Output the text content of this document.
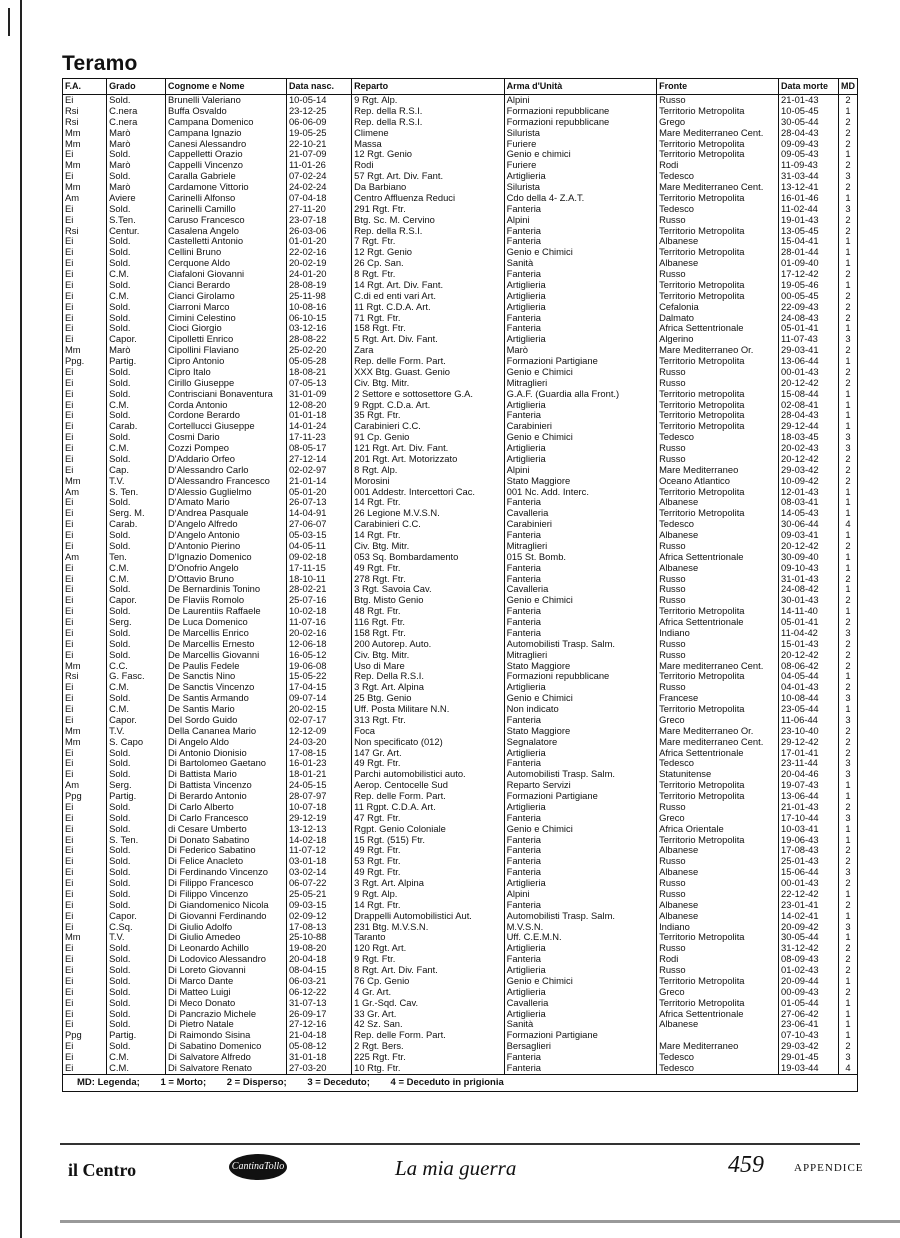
Teramo
F.A.	Grado	Cognome e Nome	Data nasc.	Reparto	Arma d'Unità	Fronte	Data morte	MD
Ei	Sold.	Brunelli Valeriano	10-05-14	9 Rgt. Alp.	Alpini	Russo	21-01-43	2
Rsi	C.nera	Buffa Osvaldo	23-12-25	Rep. della R.S.I.	Formazioni repubblicane	Territorio Metropolita	10-05-45	1
Rsi	C.nera	Campana Domenico	06-06-09	Rep. della R.S.I.	Formazioni repubblicane	Grego	30-05-44	2
Mm	Marò	Campana Ignazio	19-05-25	Climene	Silurista	Mare Mediterraneo Cent.	28-04-43	2
Mm	Marò	Canesi Alessandro	22-10-21	Massa	Furiere	Territorio Metropolita	09-09-43	2
Ei	Sold.	Cappelletti Orazio	21-07-09	12 Rgt. Genio	Genio e chimici	Territorio Metropolita	09-05-43	1
Mm	Marò	Cappelli Vincenzo	11-01-26	Rodi	Furiere	Rodi	11-09-43	2
Ei	Sold.	Caralla Gabriele	07-02-24	57 Rgt. Art. Div. Fant.	Artiglieria	Tedesco	31-03-44	3
Mm	Marò	Cardamone Vittorio	24-02-24	Da Barbiano	Silurista	Mare Mediterraneo Cent.	13-12-41	2
Am	Aviere	Carinelli Alfonso	07-04-18	Centro Affluenza Reduci	Cdo della 4- Z.A.T.	Territorio Metropolita	16-01-46	1
Ei	Sold.	Carinelli Camillo	27-11-20	291 Rgt. Ftr.	Fanteria	Tedesco	11-02-44	3
Ei	S.Ten.	Caruso Francesco	23-07-18	Btg. Sc. M. Cervino	Alpini	Russo	19-01-43	2
Rsi	Centur.	Casalena Angelo	26-03-06	Rep. della R.S.I.	Fanteria	Territorio Metropolita	13-05-45	2
Ei	Sold.	Castelletti Antonio	01-01-20	7 Rgt. Ftr.	Fanteria	Albanese	15-04-41	1
Ei	Sold.	Cellini Bruno	22-02-16	12 Rgt. Genio	Genio e Chimici	Territorio Metropolita	28-01-44	1
Ei	Sold.	Cerquone Aldo	20-02-19	26 Cp. San.	Sanità	Albanese	01-09-40	1
Ei	C.M.	Ciafaloni Giovanni	24-01-20	8 Rgt. Ftr.	Fanteria	Russo	17-12-42	2
Ei	Sold.	Cianci Berardo	28-08-19	14 Rgt. Art. Div. Fant.	Artiglieria	Territorio Metropolita	19-05-46	1
Ei	C.M.	Cianci Girolamo	25-11-98	C.di ed enti vari Art.	Artiglieria	Territorio Metropolita	00-05-45	2
Ei	Sold.	Ciarroni Marco	10-08-16	11 Rgt. C.D.A. Art.	Artiglieria	Cefalonia	22-09-43	2
Ei	Sold.	Cimini Celestino	06-10-15	71 Rgt. Ftr.	Fanteria	Dalmato	24-08-43	2
Ei	Sold.	Cioci Giorgio	03-12-16	158 Rgt. Ftr.	Fanteria	Africa Settentrionale	05-01-41	1
Ei	Capor.	Cipolletti Enrico	28-08-22	5 Rgt. Art. Div. Fant.	Artiglieria	Algerino	11-07-43	3
Mm	Marò	Cipollini Flaviano	25-02-20	Zara	Marò	Mare Mediterraneo Or.	29-03-41	2
Ppg.	Partig.	Cipro Antonio	05-05-28	Rep. delle Form. Part.	Formazioni Partigiane	Territorio Metropolita	13-06-44	1
Ei	Sold.	Cipro Italo	18-08-21	XXX Btg. Guast. Genio	Genio e Chimici	Russo	00-01-43	2
Ei	Sold.	Cirillo Giuseppe	07-05-13	Civ. Btg. Mitr.	Mitraglieri	Russo	20-12-42	2
Ei	Sold.	Contrisciani Bonaventura	31-01-09	2 Settore e sottosettore G.A.	G.A.F. (Guardia alla Front.)	Territorio metropolita	15-08-44	1
Ei	C.M.	Corda Antonio	12-08-20	9 Rgpt. C.D.a. Art.	Artiglieria	Territorio Metropolita	02-08-41	1
Ei	Sold.	Cordone Berardo	01-01-18	35 Rgt. Ftr.	Fanteria	Territorio Metropolita	28-04-43	1
Ei	Carab.	Cortellucci Giuseppe	14-01-24	Carabinieri C.C.	Carabinieri	Territorio Metropolita	29-12-44	1
Ei	Sold.	Cosmi Dario	17-11-23	91 Cp. Genio	Genio e Chimici	Tedesco	18-03-45	3
Ei	C.M.	Cozzi Pompeo	08-05-17	121 Rgt. Art. Div. Fant.	Artiglieria	Russo	20-02-43	3
Ei	Sold.	D'Addario Orfeo	27-12-14	201 Rgt. Art. Motorizzato	Artiglieria	Russo	20-12-42	2
Ei	Cap.	D'Alessandro Carlo	02-02-97	8 Rgt. Alp.	Alpini	Mare Mediterraneo	29-03-42	2
Mm	T.V.	D'Alessandro Francesco	21-01-14	Morosini	Stato Maggiore	Oceano Atlantico	10-09-42	2
Am	S. Ten.	D'Alessio Guglielmo	05-01-20	001 Addestr. Intercettori Cac.	001 Nc. Add. Interc.	Territorio Metropolita	12-01-43	1
Ei	Sold.	D'Amato Mario	26-07-13	14 Rgt. Ftr.	Fanteria	Albanese	08-03-41	1
Ei	Serg. M.	D'Andrea Pasquale	14-04-91	26 Legione M.V.S.N.	Cavalleria	Territorio Metropolita	14-05-43	1
Ei	Carab.	D'Angelo Alfredo	27-06-07	Carabinieri C.C.	Carabinieri	Tedesco	30-06-44	4
Ei	Sold.	D'Angelo Antonio	05-03-15	14 Rgt. Ftr.	Fanteria	Albanese	09-03-41	1
Ei	Sold.	D'Antonio Pierino	04-05-11	Civ. Btg. Mitr.	Mitraglieri	Russo	20-12-42	2
Am	Ten.	D'Ignazio Domenico	09-02-18	053 Sq. Bombardamento	015 St. Bomb.	Africa Settentrionale	30-09-40	1
Ei	C.M.	D'Onofrio Angelo	17-11-15	49 Rgt. Ftr.	Fanteria	Albanese	09-10-43	1
Ei	C.M.	D'Ottavio Bruno	18-10-11	278 Rgt. Ftr.	Fanteria	Russo	31-01-43	2
Ei	Sold.	De Bernardinis Tonino	28-02-21	3 Rgt. Savoia Cav.	Cavalleria	Russo	24-08-42	1
Ei	Capor.	De Flaviis Romolo	25-07-16	Btg. Misto Genio	Genio e Chimici	Russo	30-01-43	2
Ei	Sold.	De Laurentiis Raffaele	10-02-18	48 Rgt. Ftr.	Fanteria	Territorio Metropolita	14-11-40	1
Ei	Serg.	De Luca Domenico	11-07-16	116 Rgt. Ftr.	Fanteria	Africa Settentrionale	05-01-41	2
Ei	Sold.	De Marcellis Enrico	20-02-16	158 Rgt. Ftr.	Fanteria	Indiano	11-04-42	3
Ei	Sold.	De Marcellis Ernesto	12-06-18	200 Autorep. Auto.	Automobilisti Trasp. Salm.	Russo	15-01-43	2
Ei	Sold.	De Marcellis Giovanni	16-05-12	Civ. Btg. Mitr.	Mitraglieri	Russo	20-12-42	2
Mm	C.C.	De Paulis Fedele	19-06-08	Uso di Mare	Stato Maggiore	Mare mediterraneo Cent.	08-06-42	2
Rsi	G. Fasc.	De Sanctis Nino	15-05-22	Rep. Della R.S.I.	Formazioni repubblicane	Territorio Metropolita	04-05-44	1
Ei	C.M.	De Sanctis Vincenzo	17-04-15	3 Rgt. Art. Alpina	Artiglieria	Russo	04-01-43	2
Ei	Sold.	De Santis Armando	09-07-14	25 Btg. Genio	Genio e Chimici	Francese	10-08-44	3
Ei	C.M.	De Santis Mario	20-02-15	Uff. Posta Militare N.N.	Non indicato	Territorio Metropolita	23-05-44	1
Ei	Capor.	Del Sordo Guido	02-07-17	313 Rgt. Ftr.	Fanteria	Greco	11-06-44	3
Mm	T.V.	Della Cananea Mario	12-12-09	Foca	Stato Maggiore	Mare Mediterraneo Or.	23-10-40	2
Mm	S. Capo	Di Angelo Aldo	24-03-20	Non specificato (012)	Segnalatore	Mare mediterraneo Cent.	29-12-42	2
Ei	Sold.	Di Antonio Dionisio	17-08-15	147 Gr. Art.	Artiglieria	Africa Settentrionale	17-01-41	2
Ei	Sold.	Di Bartolomeo Gaetano	16-01-23	49 Rgt. Ftr.	Fanteria	Tedesco	23-11-44	3
Ei	Sold.	Di Battista Mario	18-01-21	Parchi automobilistici auto.	Automobilisti Trasp. Salm.	Statunitense	20-04-46	3
Am	Serg.	Di Battista Vincenzo	24-05-15	Aerop. Centocelle Sud	Reparto Servizi	Territorio Metropolita	19-07-43	1
Ppg	Partig.	Di Berardo Antonio	28-07-97	Rep. delle Form. Part.	Formazioni Partigiane	Territorio Metropolita	13-06-44	1
Ei	Sold.	Di Carlo Alberto	10-07-18	11 Rgpt. C.D.A. Art.	Artiglieria	Russo	21-01-43	2
Ei	Sold.	Di Carlo Francesco	29-12-19	47 Rgt. Ftr.	Fanteria	Greco	17-10-44	3
Ei	Sold.	di Cesare Umberto	13-12-13	Rgpt. Genio Coloniale	Genio e Chimici	Africa Orientale	10-03-41	1
Ei	S. Ten.	Di Donato Sabatino	14-02-18	15 Rgt. (515) Ftr.	Fanteria	Territorio Metropolita	19-06-43	1
Ei	Sold.	Di Federico Sabatino	11-07-12	49 Rgt. Ftr.	Fanteria	Albanese	17-08-43	2
Ei	Sold.	Di Felice Anacleto	03-01-18	53 Rgt. Ftr.	Fanteria	Russo	25-01-43	2
Ei	Sold.	Di Ferdinando Vincenzo	03-02-14	49 Rgt. Ftr.	Fanteria	Albanese	15-06-44	3
Ei	Sold.	Di Filippo Francesco	06-07-22	3 Rgt. Art. Alpina	Artiglieria	Russo	00-01-43	2
Ei	Sold.	Di Filippo Vincenzo	25-05-21	9 Rgt. Alp.	Alpini	Russo	22-12-42	1
Ei	Sold.	Di Giandomenico Nicola	09-03-15	14 Rgt. Ftr.	Fanteria	Albanese	23-01-41	2
Ei	Capor.	Di Giovanni Ferdinando	02-09-12	Drappelli Automobilistici Aut.	Automobilisti Trasp. Salm.	Albanese	14-02-41	1
Ei	C.Sq.	Di Giulio Adolfo	17-08-13	231 Btg. M.V.S.N.	M.V.S.N.	Indiano	20-09-42	3
Mm	T.V.	Di Giulio Amedeo	25-10-88	Taranto	Uff. C.E.M.N.	Territorio Metropolita	30-05-44	1
Ei	Sold.	Di Leonardo Achillo	19-08-20	120 Rgt. Art.	Artiglieria	Russo	31-12-42	2
Ei	Sold.	Di Lodovico Alessandro	20-04-18	9 Rgt. Ftr.	Fanteria	Rodi	08-09-43	2
Ei	Sold.	Di Loreto Giovanni	08-04-15	8 Rgt. Art. Div. Fant.	Artiglieria	Russo	01-02-43	2
Ei	Sold.	Di Marco Dante	06-03-21	76 Cp. Genio	Genio e Chimici	Territorio Metropolita	20-09-44	1
Ei	Sold.	Di Matteo Luigi	06-12-22	4 Gr. Art.	Artiglieria	Greco	00-09-43	2
Ei	Sold.	Di Meco Donato	31-07-13	1 Gr.-Sqd. Cav.	Cavalleria	Territorio Metropolita	01-05-44	1
Ei	Sold.	Di Pancrazio Michele	26-09-17	33 Gr. Art.	Artiglieria	Africa Settentrionale	27-06-42	1
Ei	Sold.	Di Pietro Natale	27-12-16	42 Sz. San.	Sanità	Albanese	23-06-41	1
Ppg	Partig.	Di Raimondo Sisina	21-04-18	Rep. delle Form. Part.	Formazioni Partigiane		07-10-43	1
Ei	Sold.	Di Sabatino Domenico	05-08-12	2 Rgt. Bers.	Bersaglieri	Mare Mediterraneo	29-03-42	2
Ei	C.M.	Di Salvatore Alfredo	31-01-18	225 Rgt. Ftr.	Fanteria	Tedesco	29-01-45	3
Ei	C.M.	Di Salvatore Renato	27-03-20	10 Rtg. Ftr.	Fanteria	Tedesco	19-03-44	4
MD: Legenda; 1 = Morto; 2 = Disperso; 3 = Deceduto; 4 = Deceduto in prigionia
il Centro	CantinaTollo	La mia guerra	459	APPENDICE
